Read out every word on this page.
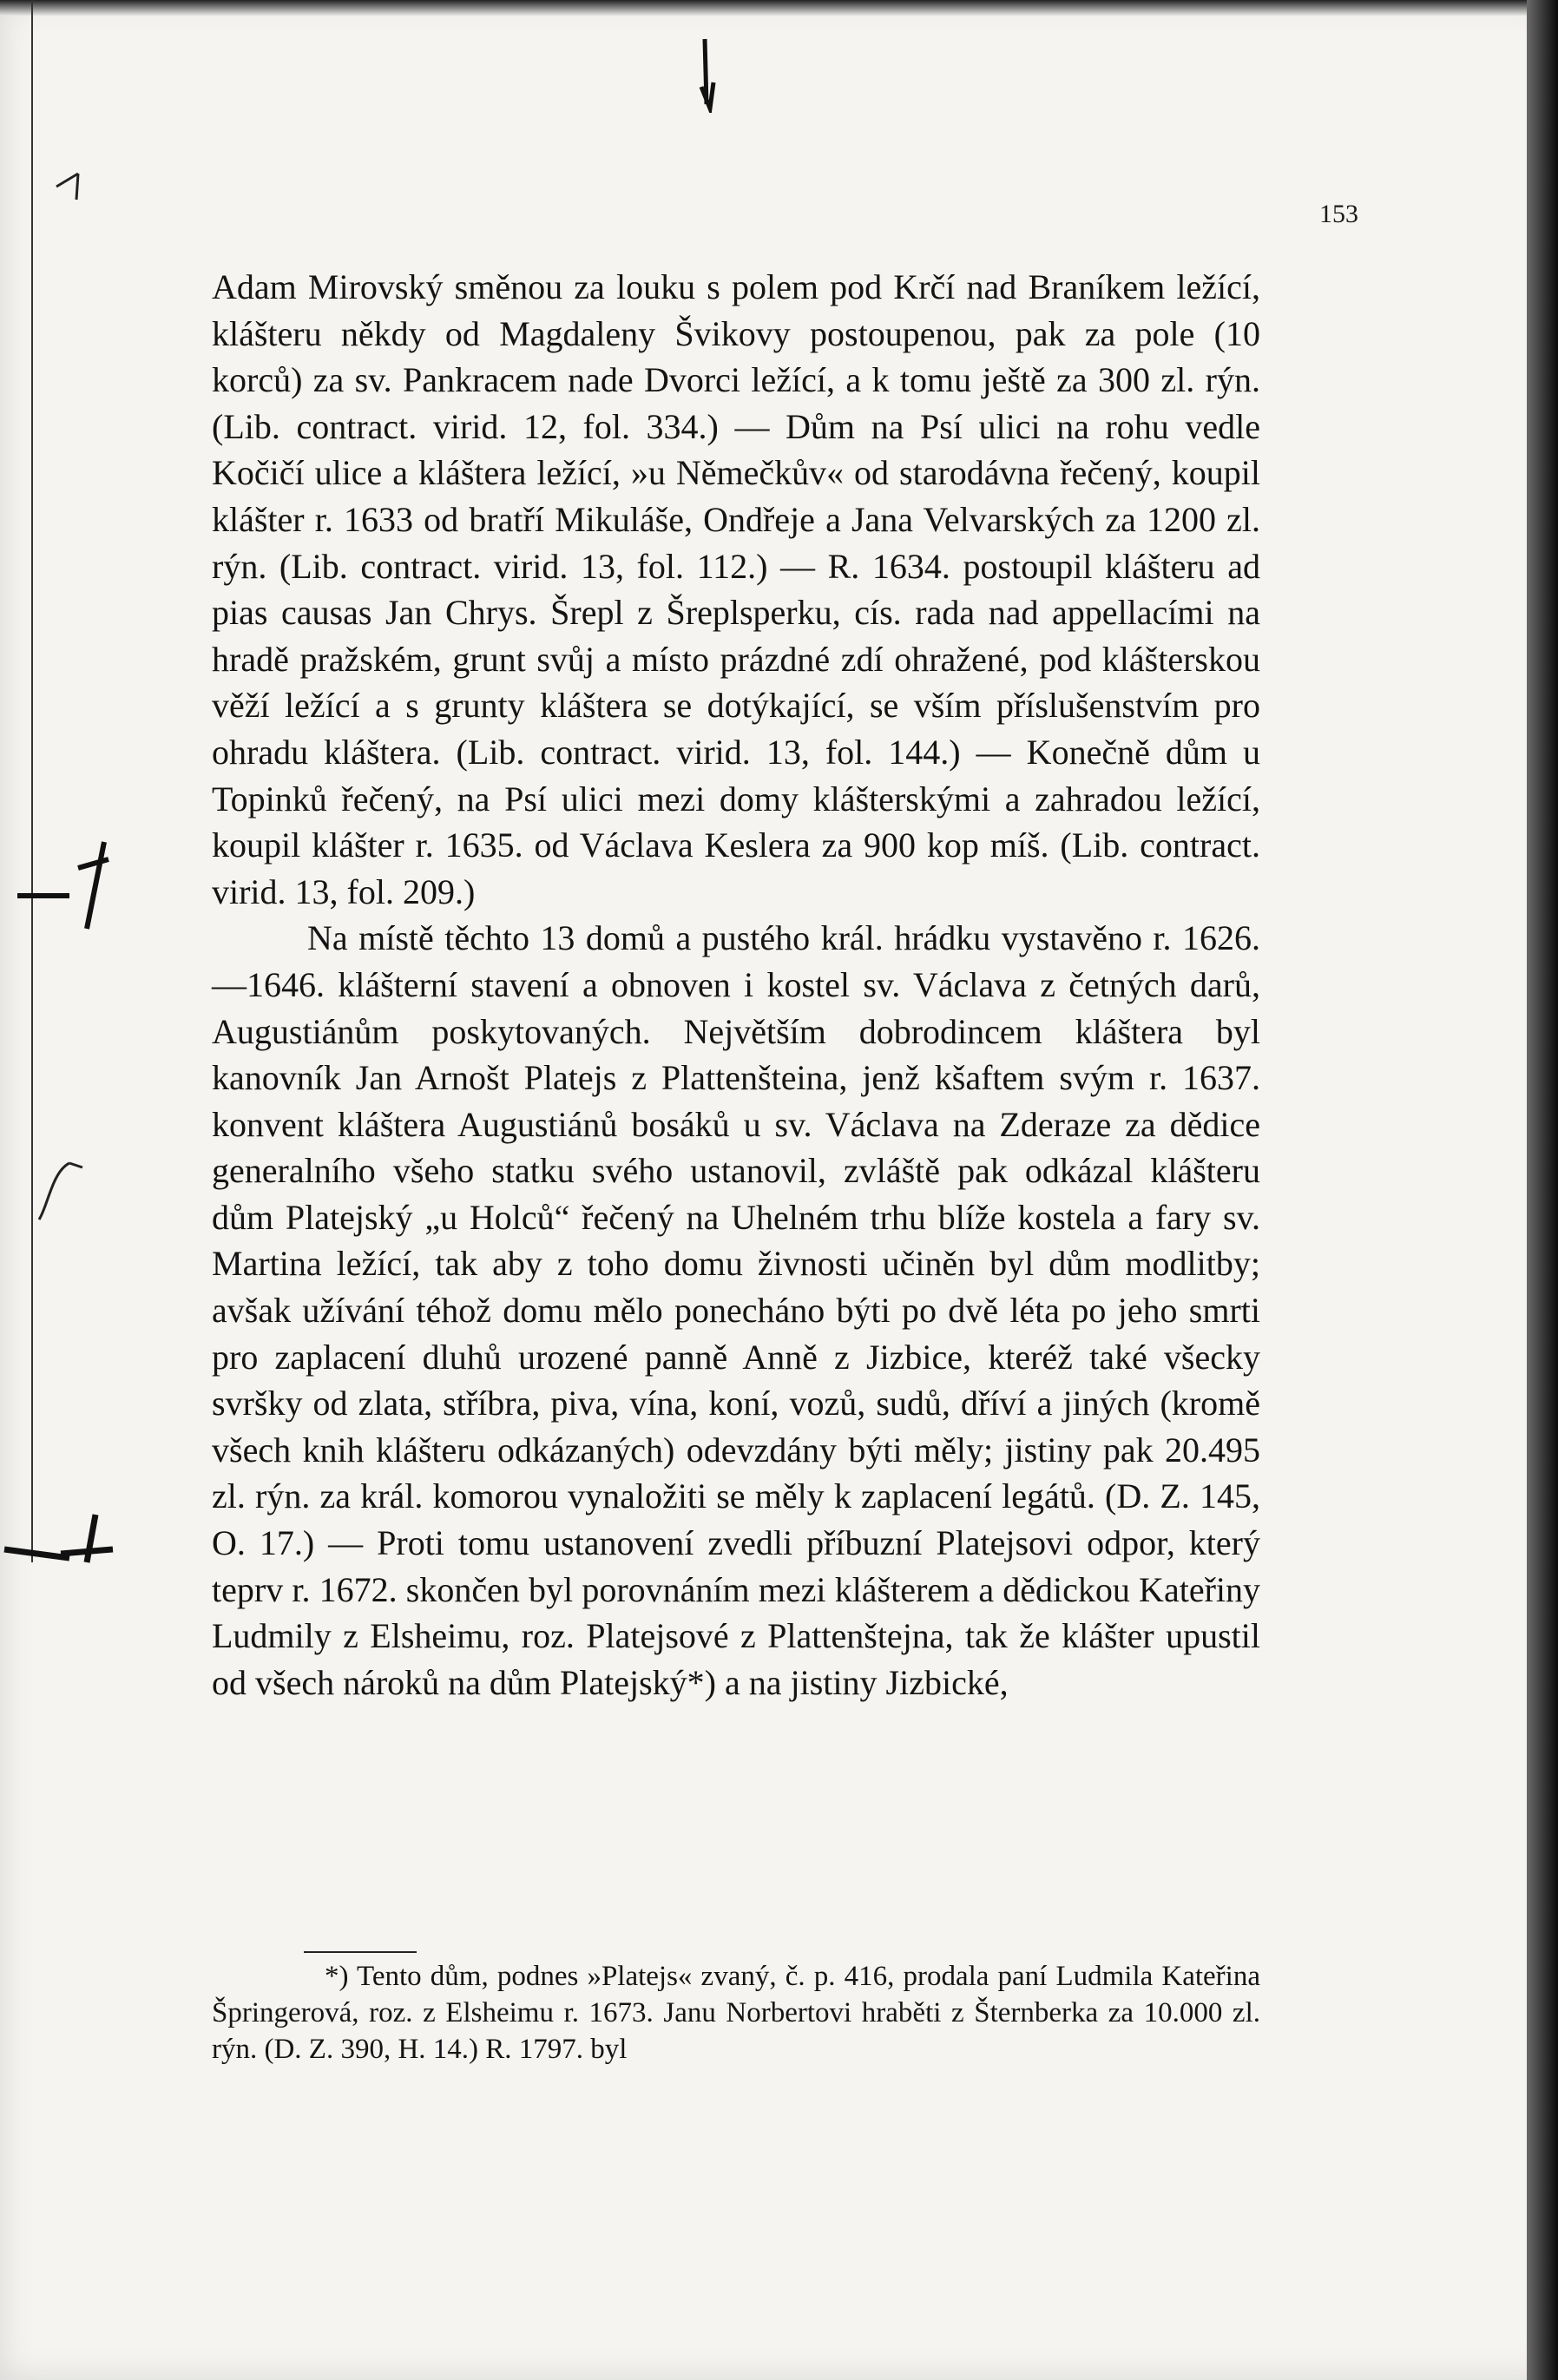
153

Adam Mirovský směnou za louku s polem pod Krčí nad Braníkem ležící, klášteru někdy od Magdaleny Švikovy postoupenou, pak za pole (10 korců) za sv. Pankracem nade Dvorci ležící, a k tomu ještě za 300 zl. rýn. (Lib. contract. virid. 12, fol. 334.) — Dům na Psí ulici na rohu vedle Kočičí ulice a kláštera ležící, »u Němečkův« od starodávna řečený, koupil klášter r. 1633 od bratří Mikuláše, Ondřeje a Jana Velvarských za 1200 zl. rýn. (Lib. contract. virid. 13, fol. 112.) — R. 1634. postoupil klášteru ad pias causas Jan Chrys. Šrepl z Šreplsperku, cís. rada nad appellacími na hradě pražském, grunt svůj a místo prázdné zdí ohražené, pod klášterskou věží ležící a s grunty kláštera se dotýkající, se vším příslušenstvím pro ohradu kláštera. (Lib. contract. virid. 13, fol. 144.) — Konečně dům u Topinků řečený, na Psí ulici mezi domy klášterskými a zahradou ležící, koupil klášter r. 1635. od Václava Keslera za 900 kop míš. (Lib. contract. virid. 13, fol. 209.)

Na místě těchto 13 domů a pustého král. hrádku vystavěno r. 1626.—1646. klášterní stavení a obnoven i kostel sv. Václava z četných darů, Augustiánům poskytovaných. Největším dobrodincem kláštera byl kanovník Jan Arnošt Platejs z Plattenšteina, jenž kšaftem svým r. 1637. konvent kláštera Augustiánů bosáků u sv. Václava na Zderaze za dědice generalního všeho statku svého ustanovil, zvláště pak odkázal klášteru dům Platejský „u Holců“ řečený na Uhelném trhu blíže kostela a fary sv. Martina ležící, tak aby z toho domu živnosti učiněn byl dům modlitby; avšak užívání téhož domu mělo ponecháno býti po dvě léta po jeho smrti pro zaplacení dluhů urozené panně Anně z Jizbice, kteréž také všecky svršky od zlata, stříbra, piva, vína, koní, vozů, sudů, dříví a jiných (kromě všech knih klášteru odkázaných) odevzdány býti měly; jistiny pak 20.495 zl. rýn. za král. komorou vynaložiti se měly k zaplacení legátů. (D. Z. 145, O. 17.) — Proti tomu ustanovení zvedli příbuzní Platejsovi odpor, který teprv r. 1672. skončen byl porovnáním mezi klášterem a dědickou Kateřiny Ludmily z Elsheimu, roz. Platejsové z Plattenštejna, tak že klášter upustil od všech nároků na dům Platejský*) a na jistiny Jizbické,

*) Tento dům, podnes »Platejs« zvaný, č. p. 416, prodala paní Ludmila Kateřina Špringerová, roz. z Elsheimu r. 1673. Janu Norbertovi hraběti z Šternberka za 10.000 zl. rýn. (D. Z. 390, H. 14.) R. 1797. byl
